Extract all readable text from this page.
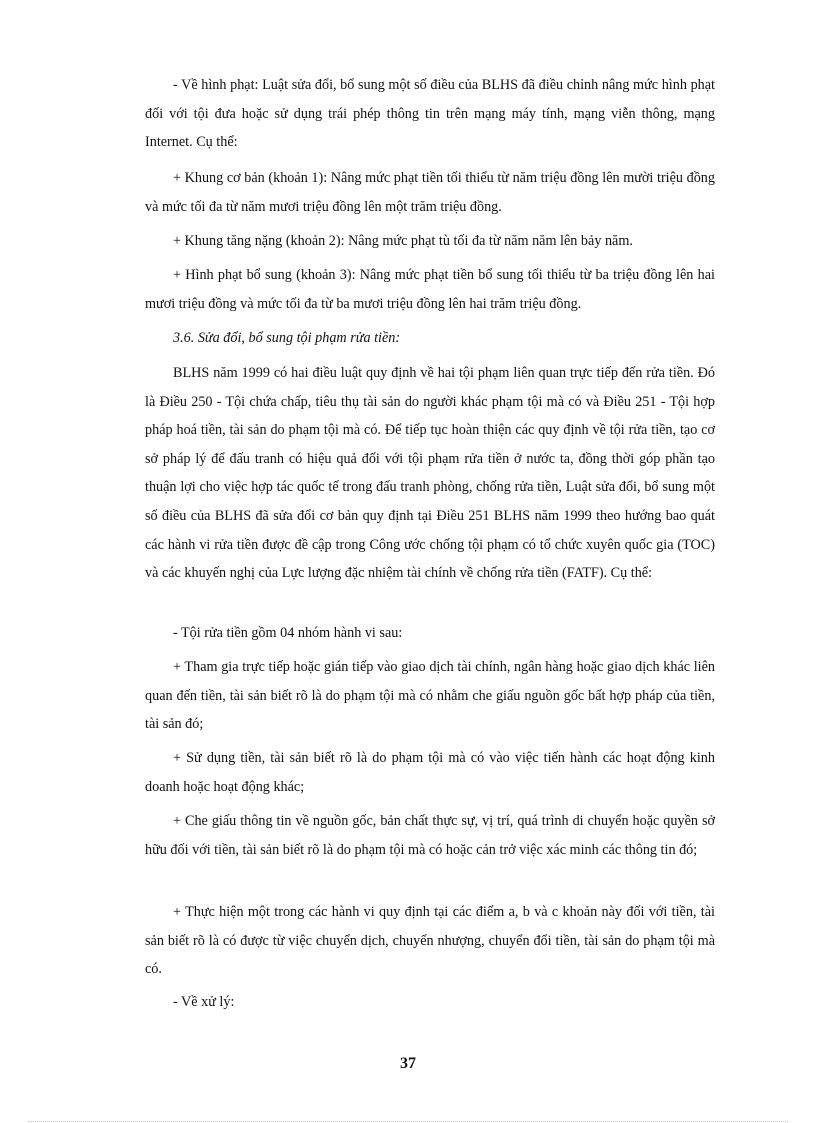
- Về hình phạt: Luật sửa đổi, bổ sung một số điều của BLHS đã điều chỉnh nâng mức hình phạt đối với tội đưa hoặc sử dụng trái phép thông tin trên mạng máy tính, mạng viễn thông, mạng Internet. Cụ thể:

+ Khung cơ bản (khoản 1): Nâng mức phạt tiền tối thiểu từ năm triệu đồng lên mười triệu đồng và mức tối đa từ năm mươi triệu đồng lên một trăm triệu đồng.

+ Khung tăng nặng (khoản 2): Nâng mức phạt tù tối đa từ năm năm lên bảy năm.

+ Hình phạt bổ sung (khoản 3): Nâng mức phạt tiền bổ sung tối thiểu từ ba triệu đồng lên hai mươi triệu đồng và mức tối đa từ ba mươi triệu đồng lên hai trăm triệu đồng.

3.6. Sửa đổi, bổ sung tội phạm rửa tiền:

BLHS năm 1999 có hai điều luật quy định về hai tội phạm liên quan trực tiếp đến rửa tiền. Đó là Điều 250 - Tội chứa chấp, tiêu thụ tài sản do người khác phạm tội mà có và Điều 251 - Tội hợp pháp hoá tiền, tài sản do phạm tội mà có. Để tiếp tục hoàn thiện các quy định về tội rửa tiền, tạo cơ sở pháp lý để đấu tranh có hiệu quả đối với tội phạm rửa tiền ở nước ta, đồng thời góp phần tạo thuận lợi cho việc hợp tác quốc tế trong đấu tranh phòng, chống rửa tiền, Luật sửa đổi, bổ sung một số điều của BLHS đã sửa đổi cơ bản quy định tại Điều 251 BLHS năm 1999 theo hướng bao quát các hành vi rửa tiền được đề cập trong Công ước chống tội phạm có tổ chức xuyên quốc gia (TOC) và các khuyến nghị của Lực lượng đặc nhiệm tài chính về chống rửa tiền (FATF). Cụ thể:

- Tội rửa tiền gồm 04 nhóm hành vi sau:

+ Tham gia trực tiếp hoặc gián tiếp vào giao dịch tài chính, ngân hàng hoặc giao dịch khác liên quan đến tiền, tài sản biết rõ là do phạm tội mà có nhằm che giấu nguồn gốc bất hợp pháp của tiền, tài sản đó;

+ Sử dụng tiền, tài sản biết rõ là do phạm tội mà có vào việc tiến hành các hoạt động kinh doanh hoặc hoạt động khác;

+ Che giấu thông tin về nguồn gốc, bản chất thực sự, vị trí, quá trình di chuyển hoặc quyền sở hữu đối với tiền, tài sản biết rõ là do phạm tội mà có hoặc cản trở việc xác minh các thông tin đó;

+ Thực hiện một trong các hành vi quy định tại các điểm a, b và c khoản này đối với tiền, tài sản biết rõ là có được từ việc chuyển dịch, chuyển nhượng, chuyển đổi tiền, tài sản do phạm tội mà có.

- Về xử lý:

37
